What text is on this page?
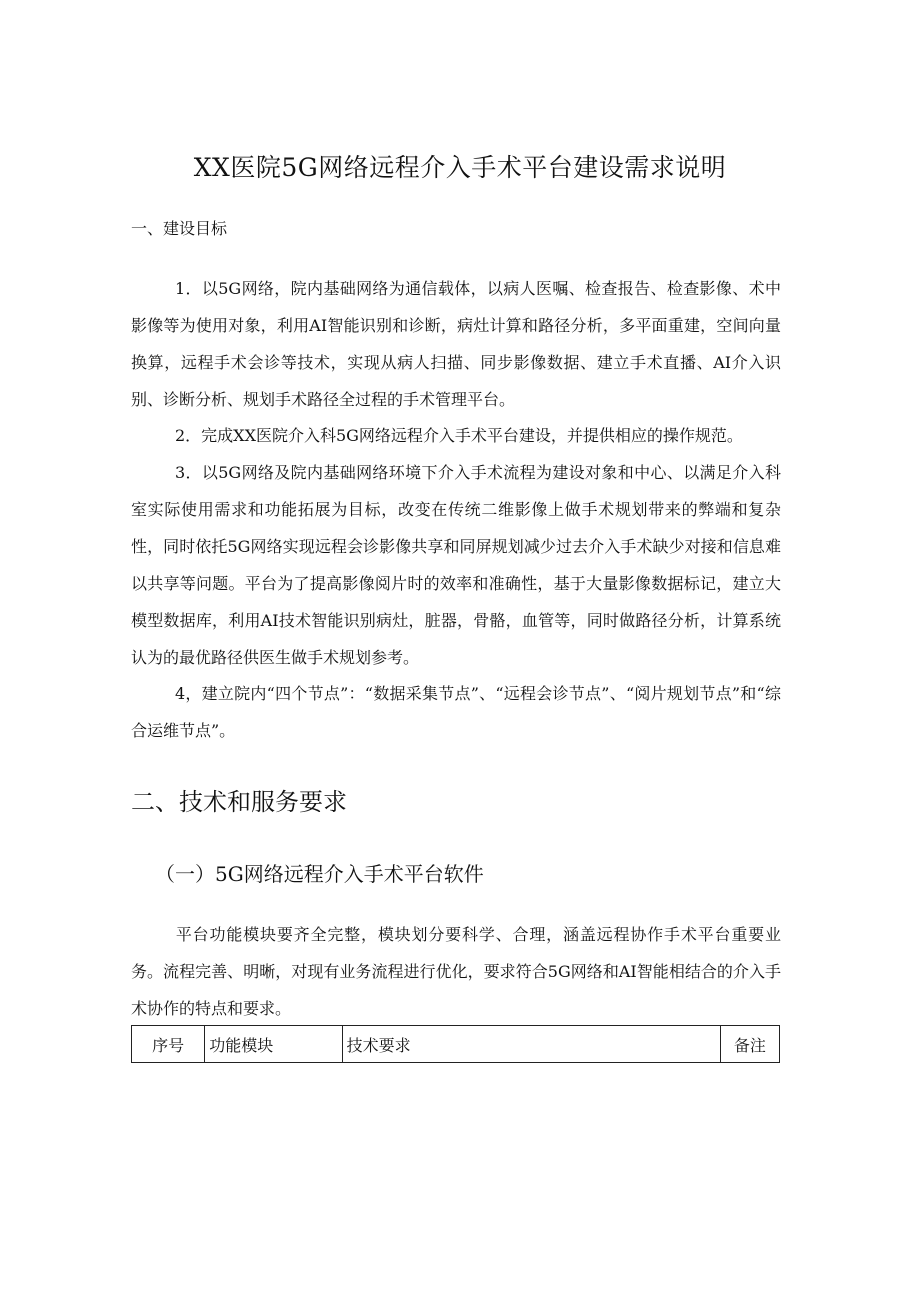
XX医院5G网络远程介入手术平台建设需求说明
一、建设目标

1．以5G网络，院内基础网络为通信载体，以病人医嘱、检查报告、检查影像、术中影像等为使用对象，利用AI智能识别和诊断，病灶计算和路径分析，多平面重建，空间向量换算，远程手术会诊等技术，实现从病人扫描、同步影像数据、建立手术直播、AI介入识别、诊断分析、规划手术路径全过程的手术管理平台。

2．完成XX医院介入科5G网络远程介入手术平台建设，并提供相应的操作规范。

3．以5G网络及院内基础网络环境下介入手术流程为建设对象和中心、以满足介入科室实际使用需求和功能拓展为目标，改变在传统二维影像上做手术规划带来的弊端和复杂性，同时依托5G网络实现远程会诊影像共享和同屏规划减少过去介入手术缺少对接和信息难以共享等问题。平台为了提高影像阅片时的效率和准确性，基于大量影像数据标记，建立大模型数据库，利用AI技术智能识别病灶，脏器，骨骼，血管等，同时做路径分析，计算系统认为的最优路径供医生做手术规划参考。

4，建立院内“四个节点”：“数据采集节点”、“远程会诊节点”、“阅片规划节点”和“综合运维节点”。

二、技术和服务要求
（一）5G网络远程介入手术平台软件

平台功能模块要齐全完整，模块划分要科学、合理，涵盖远程协作手术平台重要业务。流程完善、明晰，对现有业务流程进行优化，要求符合5G网络和AI智能相结合的介入手术协作的特点和要求。

序号	功能模块	技术要求	备注
